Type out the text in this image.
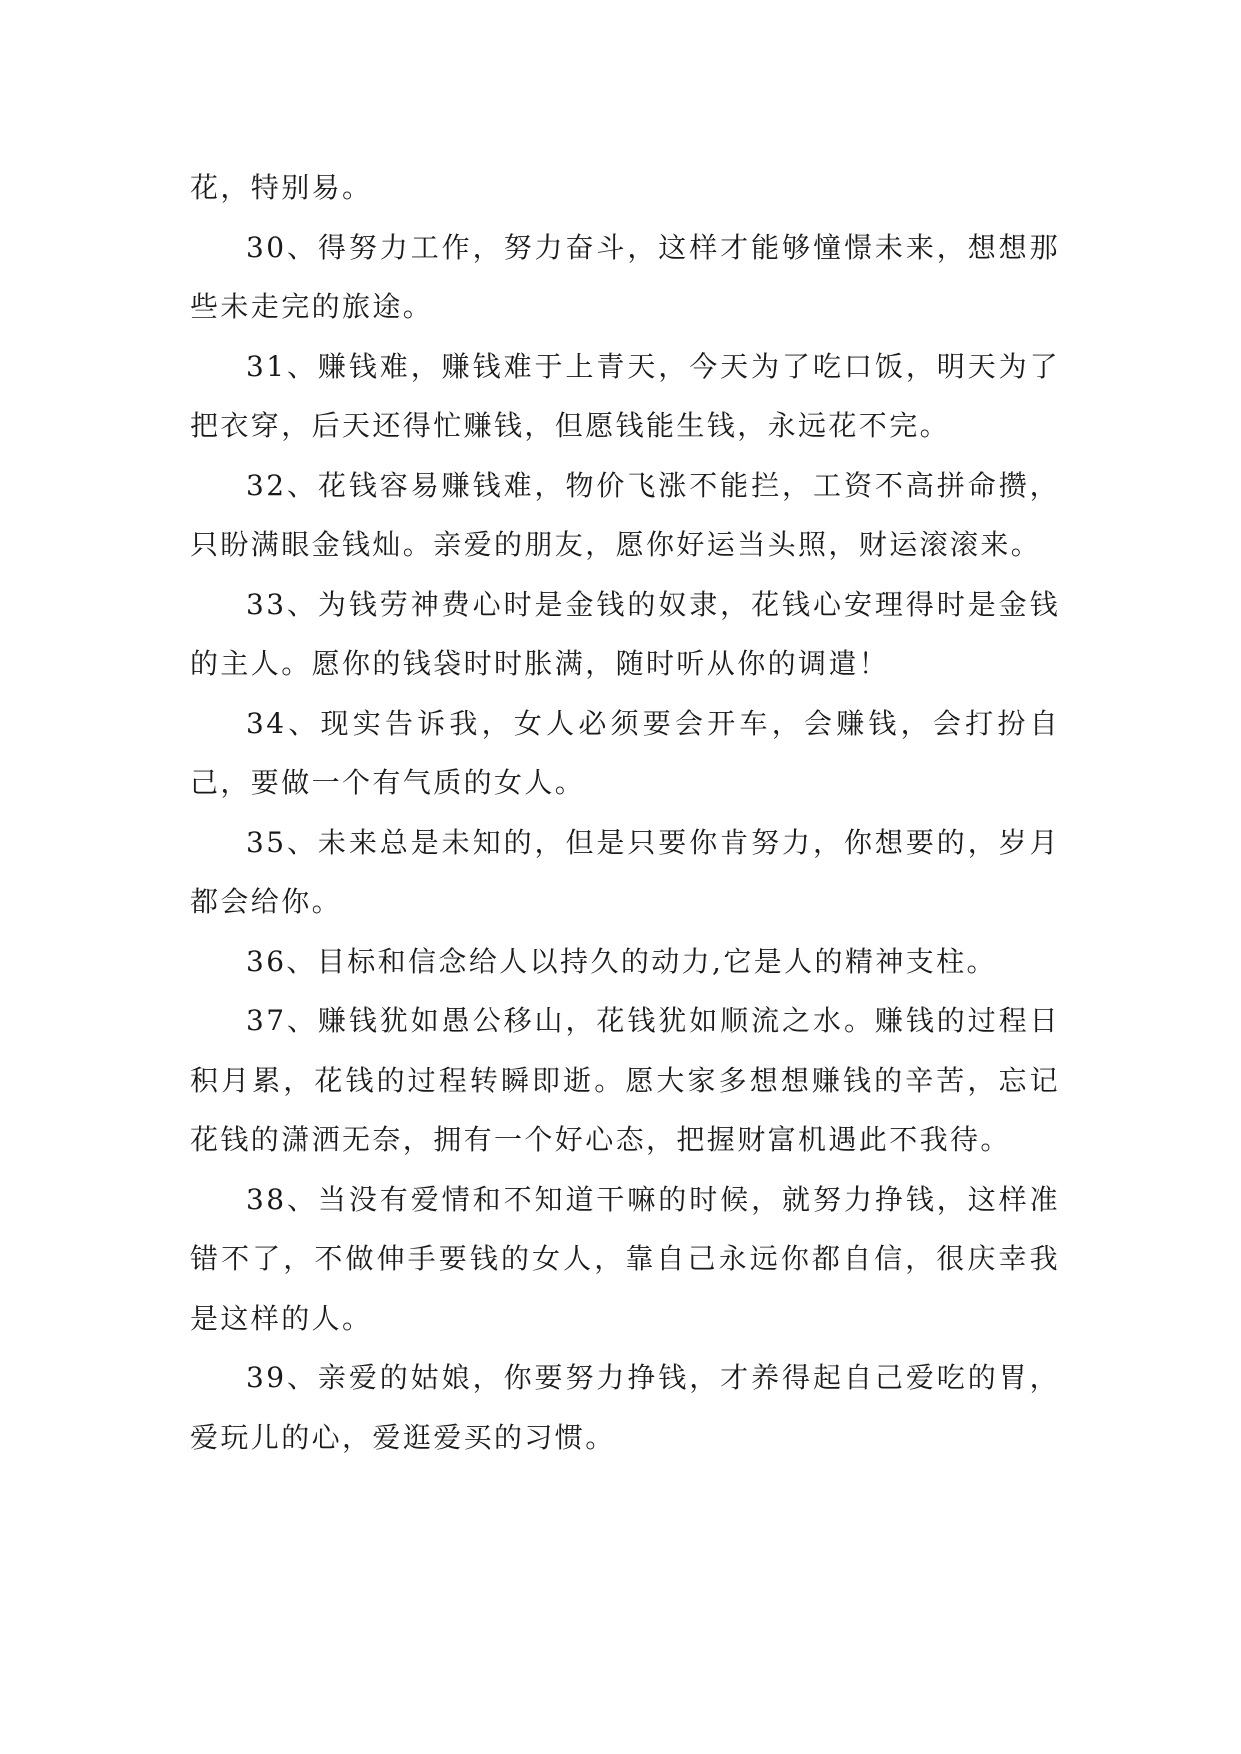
花，特别易。

30、得努力工作，努力奋斗，这样才能够憧憬未来，想想那些未走完的旅途。

31、赚钱难，赚钱难于上青天，今天为了吃口饭，明天为了把衣穿，后天还得忙赚钱，但愿钱能生钱，永远花不完。

32、花钱容易赚钱难，物价飞涨不能拦，工资不高拼命攒，只盼满眼金钱灿。亲爱的朋友，愿你好运当头照，财运滚滚来。

33、为钱劳神费心时是金钱的奴隶，花钱心安理得时是金钱的主人。愿你的钱袋时时胀满，随时听从你的调遣！

34、现实告诉我，女人必须要会开车，会赚钱，会打扮自己，要做一个有气质的女人。

35、未来总是未知的，但是只要你肯努力，你想要的，岁月都会给你。

36、目标和信念给人以持久的动力,它是人的精神支柱。

37、赚钱犹如愚公移山，花钱犹如顺流之水。赚钱的过程日积月累，花钱的过程转瞬即逝。愿大家多想想赚钱的辛苦，忘记花钱的潇洒无奈，拥有一个好心态，把握财富机遇此不我待。

38、当没有爱情和不知道干嘛的时候，就努力挣钱，这样准错不了，不做伸手要钱的女人，靠自己永远你都自信，很庆幸我是这样的人。

39、亲爱的姑娘，你要努力挣钱，才养得起自己爱吃的胃，爱玩儿的心，爱逛爱买的习惯。
